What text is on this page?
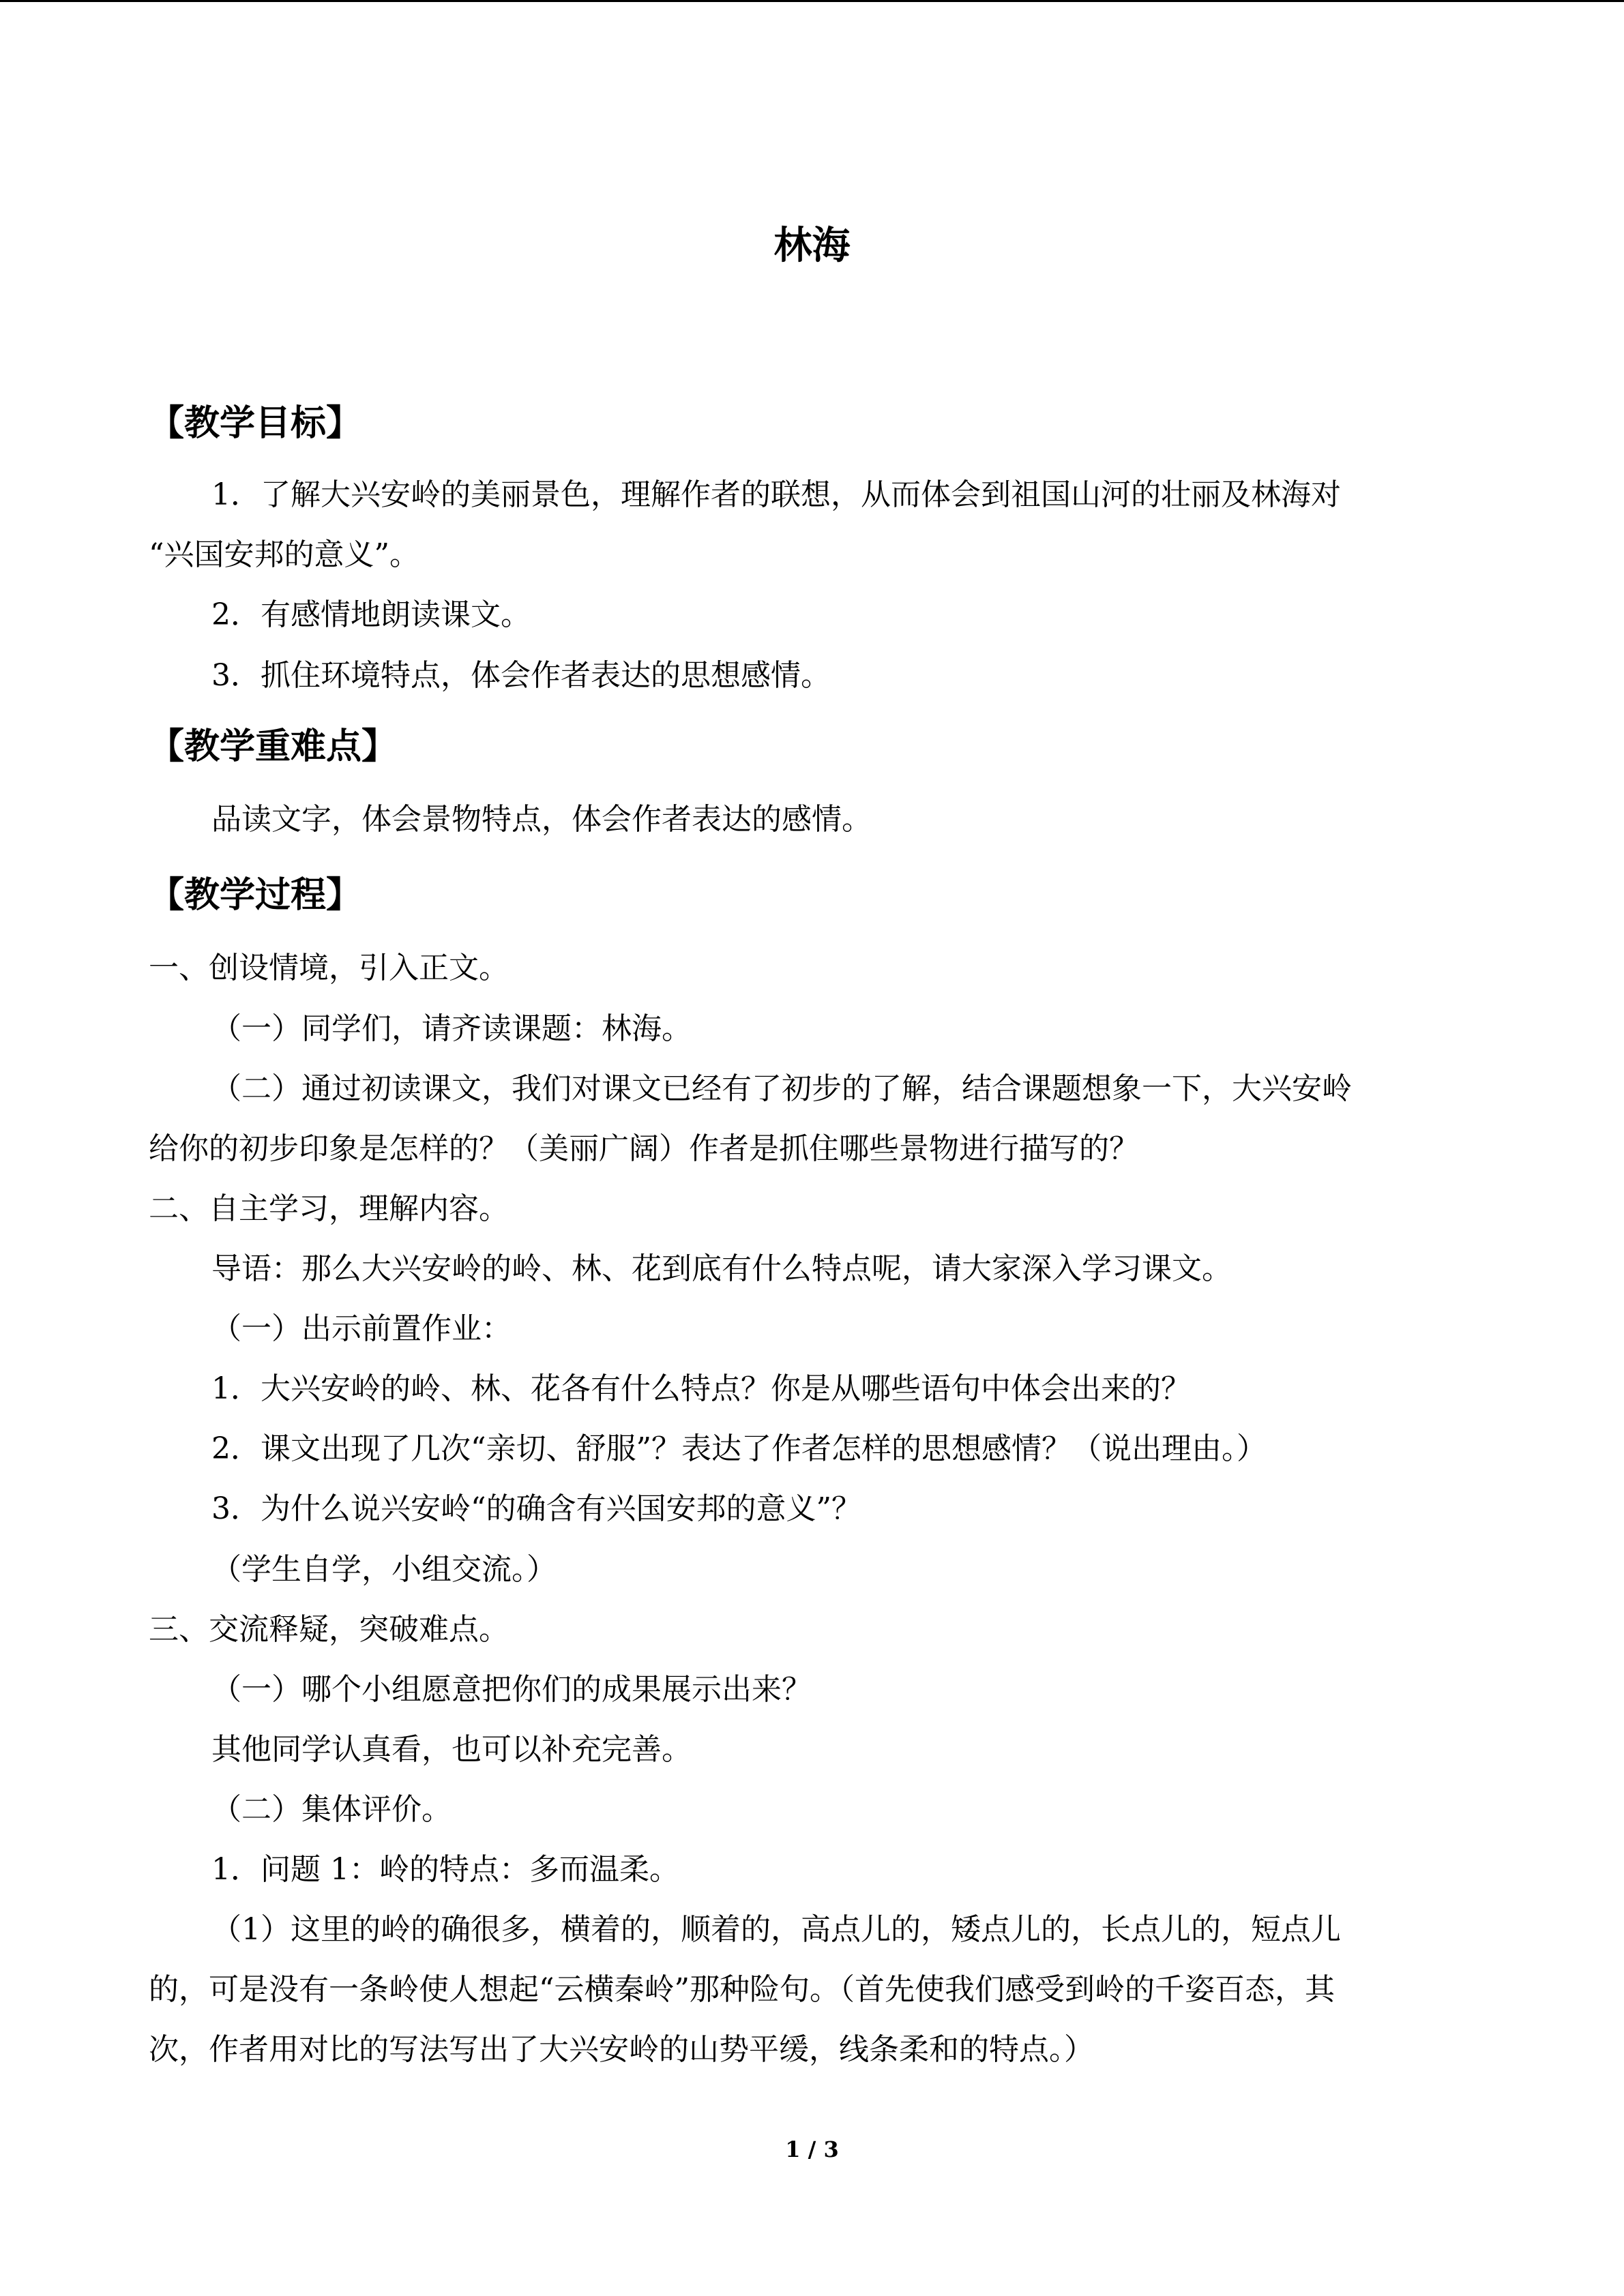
林海
【教学目标】
1．了解大兴安岭的美丽景色，理解作者的联想，从而体会到祖国山河的壮丽及林海对
“兴国安邦的意义”。
2．有感情地朗读课文。
3．抓住环境特点，体会作者表达的思想感情。
【教学重难点】
品读文字，体会景物特点，体会作者表达的感情。
【教学过程】
一、创设情境，引入正文。
（一）同学们，请齐读课题：林海。
（二）通过初读课文，我们对课文已经有了初步的了解，结合课题想象一下，大兴安岭
给你的初步印象是怎样的？（美丽广阔）作者是抓住哪些景物进行描写的？
二、自主学习，理解内容。
导语：那么大兴安岭的岭、林、花到底有什么特点呢，请大家深入学习课文。
（一）出示前置作业：
1．大兴安岭的岭、林、花各有什么特点？你是从哪些语句中体会出来的？
2．课文出现了几次“亲切、舒服”？表达了作者怎样的思想感情？（说出理由。）
3．为什么说兴安岭“的确含有兴国安邦的意义”？
（学生自学，小组交流。）
三、交流释疑，突破难点。
（一）哪个小组愿意把你们的成果展示出来？
其他同学认真看，也可以补充完善。
（二）集体评价。
1．问题 1：岭的特点：多而温柔。
（1）这里的岭的确很多，横着的，顺着的，高点儿的，矮点儿的，长点儿的，短点儿
的，可是没有一条岭使人想起“云横秦岭”那种险句。（首先使我们感受到岭的千姿百态，其
次，作者用对比的写法写出了大兴安岭的山势平缓，线条柔和的特点。）
1 / 3
